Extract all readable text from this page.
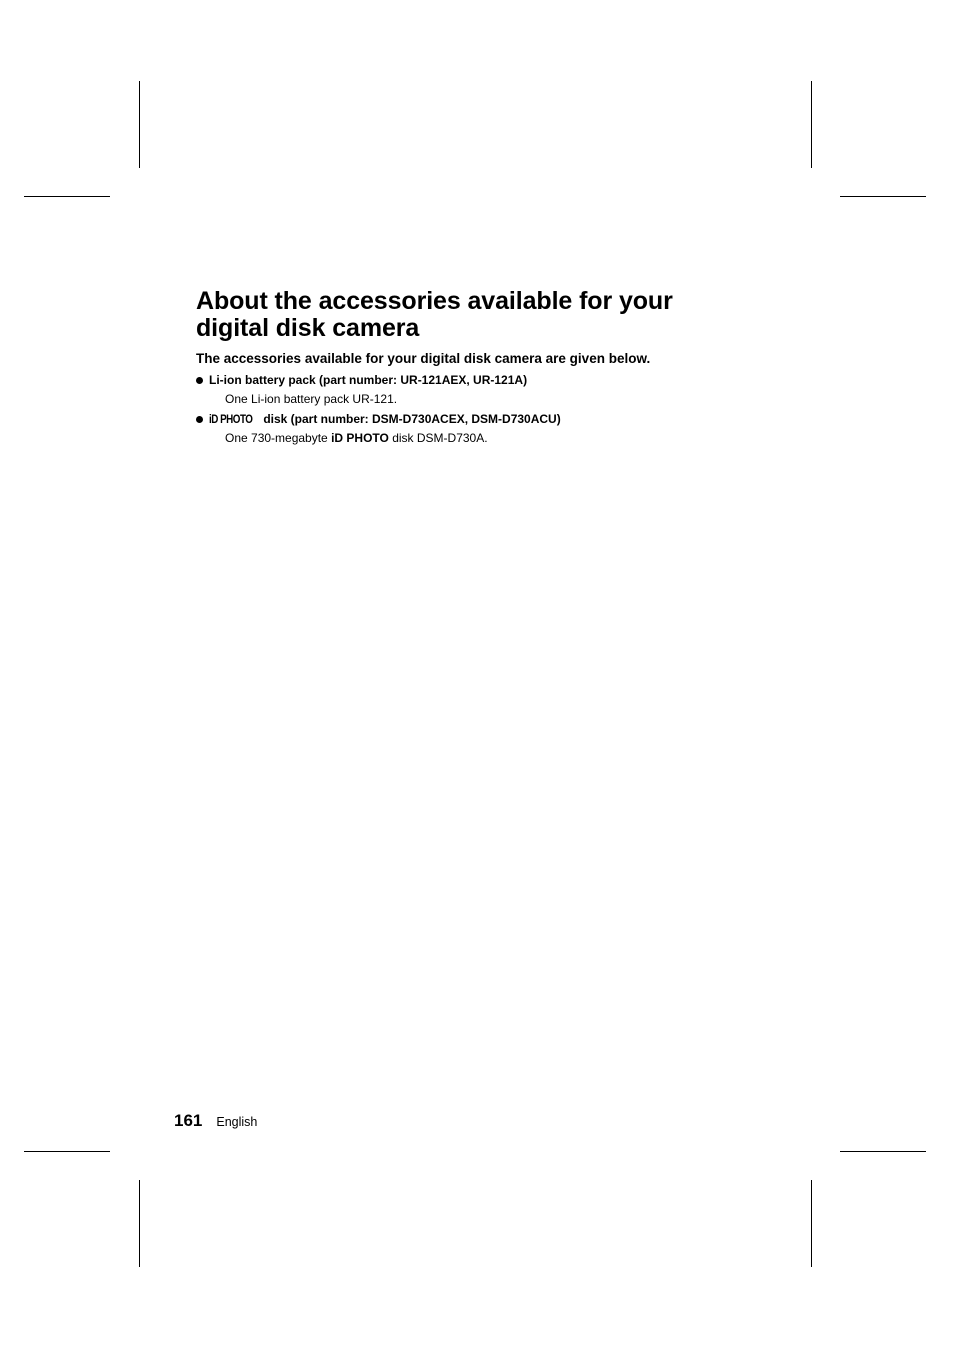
About the accessories available for your
digital disk camera

The accessories available for your digital disk camera are given below.

Li-ion battery pack (part number: UR-121AEX, UR-121A)
One Li-ion battery pack UR-121.
iD PHOTO disk (part number: DSM-D730ACEX, DSM-D730ACU)
One 730-megabyte iD PHOTO disk DSM-D730A.
161 English
